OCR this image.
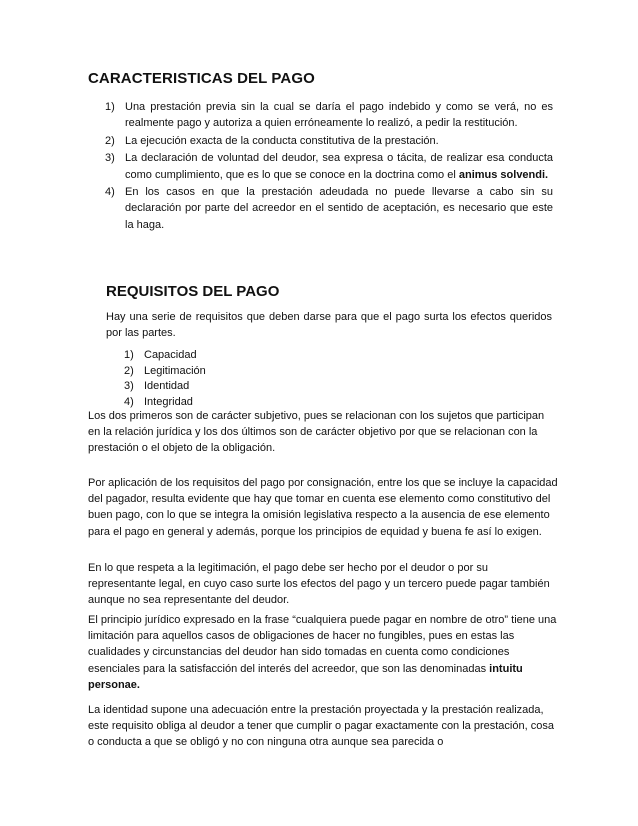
CARACTERISTICAS DEL PAGO
1) Una prestación previa sin la cual se daría el pago indebido y como se verá, no es realmente pago y autoriza a quien erróneamente lo realizó, a pedir la restitución.
2) La ejecución exacta de la conducta constitutiva de la prestación.
3) La declaración de voluntad del deudor, sea expresa o tácita, de realizar esa conducta como cumplimiento, que es lo que se conoce en la doctrina como el animus solvendi.
4) En los casos en que la prestación adeudada no puede llevarse a cabo sin su declaración por parte del acreedor en el sentido de aceptación, es necesario que este la haga.
REQUISITOS DEL PAGO

Hay una serie de requisitos que deben darse para que el pago surta los efectos queridos por las partes.

1) Capacidad
2) Legitimación
3) Identidad
4) Integridad

Los dos primeros son de carácter subjetivo, pues se relacionan con los sujetos que participan en la relación jurídica y los dos últimos son de carácter objetivo por que se relacionan con la prestación o el objeto de la obligación.

Por aplicación de los requisitos del pago por consignación, entre los que se incluye la capacidad del pagador, resulta evidente que hay que tomar en cuenta ese elemento como constitutivo del buen pago, con lo que se integra la omisión legislativa respecto a la ausencia de ese elemento para el pago en general y además, porque los principios de equidad y buena fe así lo exigen.

En lo que respeta a la legitimación, el pago debe ser hecho por el deudor o por su representante legal, en cuyo caso surte los efectos del pago y un tercero puede pagar también aunque no sea representante del deudor.

El principio jurídico expresado en la frase “cualquiera puede pagar en nombre de otro” tiene una limitación para aquellos casos de obligaciones de hacer no fungibles, pues en estas las cualidades y circunstancias del deudor han sido tomadas en cuenta como condiciones esenciales para la satisfacción del interés del acreedor, que son las denominadas intuitu personae.

La identidad supone una adecuación entre la prestación proyectada y la prestación realizada, este requisito obliga al deudor a tener que cumplir o pagar exactamente con la prestación, cosa o conducta a que se obligó y no con ninguna otra aunque sea parecida o
